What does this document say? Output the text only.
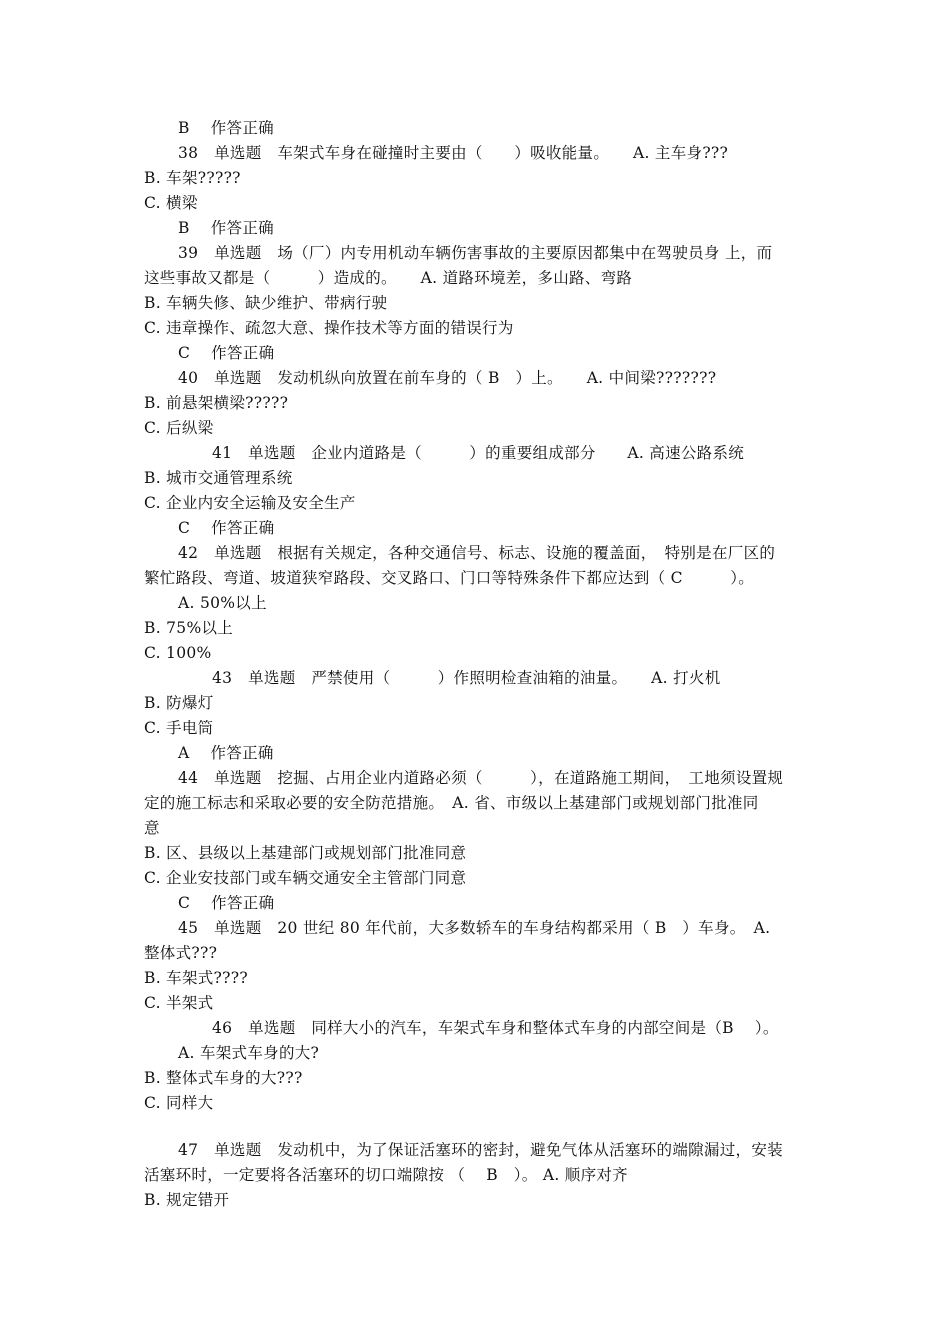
B　 作答正确
38　单选题　车架式车身在碰撞时主要由（　　）吸收能量。　　A. 主车身???
B. 车架?????
C. 横梁
B　 作答正确
39　单选题　场（厂）内专用机动车辆伤害事故的主要原因都集中在驾驶员身 上，而
这些事故又都是（　　　）造成的。　　A. 道路环境差，多山路、弯路
B. 车辆失修、缺少维护、带病行驶
C. 违章操作、疏忽大意、操作技术等方面的错误行为
C　 作答正确
40　单选题　发动机纵向放置在前车身的（ B　）上。　　A. 中间梁???????
B. 前悬架横梁?????
C. 后纵梁
41　单选题　企业内道路是（　　　）的重要组成部分　　A. 高速公路系统
B. 城市交通管理系统
C. 企业内安全运输及安全生产
C　 作答正确
42　单选题　根据有关规定，各种交通信号、标志、设施的覆盖面，　特别是在厂区的
繁忙路段、弯道、坡道狭窄路段、交叉路口、门口等特殊条件下都应达到（ C　　　）。
A. 50%以上
B. 75%以上
C. 100%
43　单选题　严禁使用（　　　）作照明检查油箱的油量。　　A. 打火机
B. 防爆灯
C. 手电筒
A　 作答正确
44　单选题　挖掘、占用企业内道路必须（　　　），在道路施工期间，　工地须设置规
定的施工标志和采取必要的安全防范措施。　A. 省、市级以上基建部门或规划部门批准同
意
B. 区、县级以上基建部门或规划部门批准同意
C. 企业安技部门或车辆交通安全主管部门同意
C　 作答正确
45　单选题　20 世纪 80 年代前，大多数轿车的车身结构都采用（ B　）车身。　A.
整体式???
B. 车架式????
C. 半架式
46　单选题　同样大小的汽车，车架式车身和整体式车身的内部空间是（B　 ）。
A. 车架式车身的大?
B. 整体式车身的大???
C. 同样大
47　单选题　发动机中，为了保证活塞环的密封，避免气体从活塞环的端隙漏过，安装
活塞环时，一定要将各活塞环的切口端隙按 （　 B　）。 A. 顺序对齐
B. 规定错开
